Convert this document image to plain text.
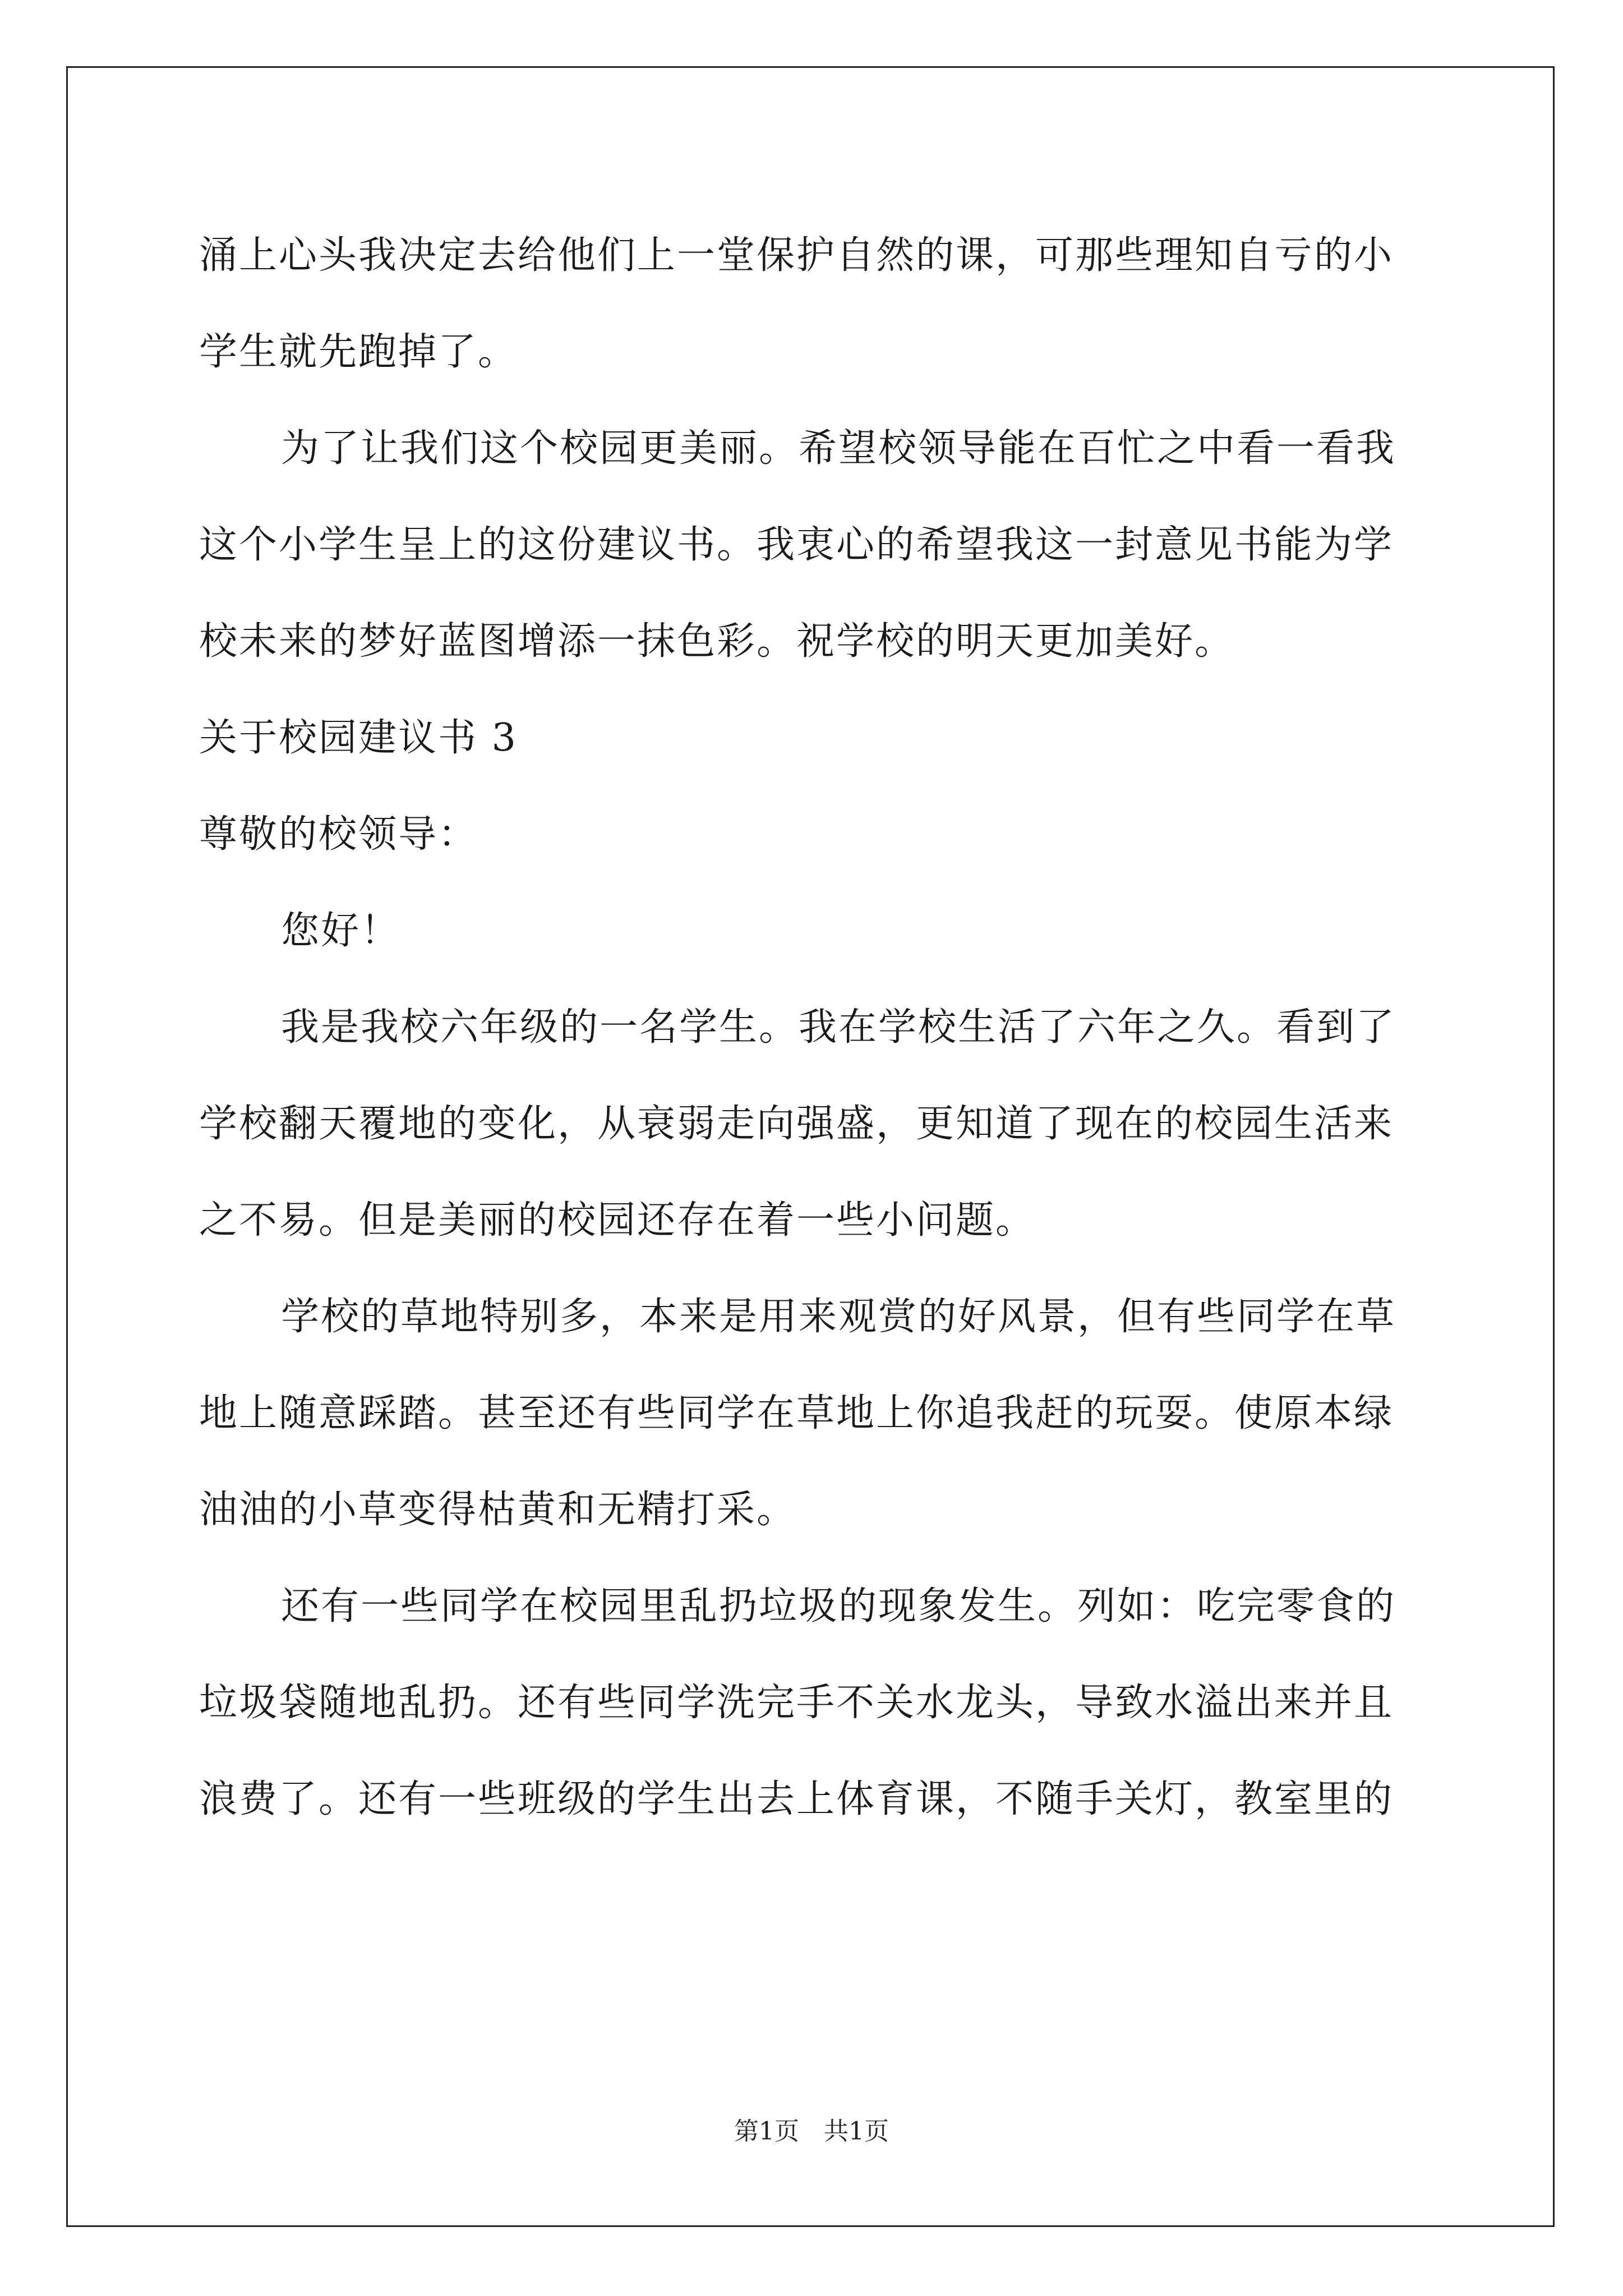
涌上心头我决定去给他们上一堂保护自然的课，可那些理知自亏的小

学生就先跑掉了。

为了让我们这个校园更美丽。希望校领导能在百忙之中看一看我

这个小学生呈上的这份建议书。我衷心的希望我这一封意见书能为学

校未来的梦好蓝图增添一抹色彩。祝学校的明天更加美好。

关于校园建议书 3

尊敬的校领导：

您好！

我是我校六年级的一名学生。我在学校生活了六年之久。看到了

学校翻天覆地的变化，从衰弱走向强盛，更知道了现在的校园生活来

之不易。但是美丽的校园还存在着一些小问题。

学校的草地特别多，本来是用来观赏的好风景，但有些同学在草

地上随意踩踏。甚至还有些同学在草地上你追我赶的玩耍。使原本绿

油油的小草变得枯黄和无精打采。

还有一些同学在校园里乱扔垃圾的现象发生。列如：吃完零食的

垃圾袋随地乱扔。还有些同学洗完手不关水龙头，导致水溢出来并且

浪费了。还有一些班级的学生出去上体育课，不随手关灯，教室里的

第1页　共1页
